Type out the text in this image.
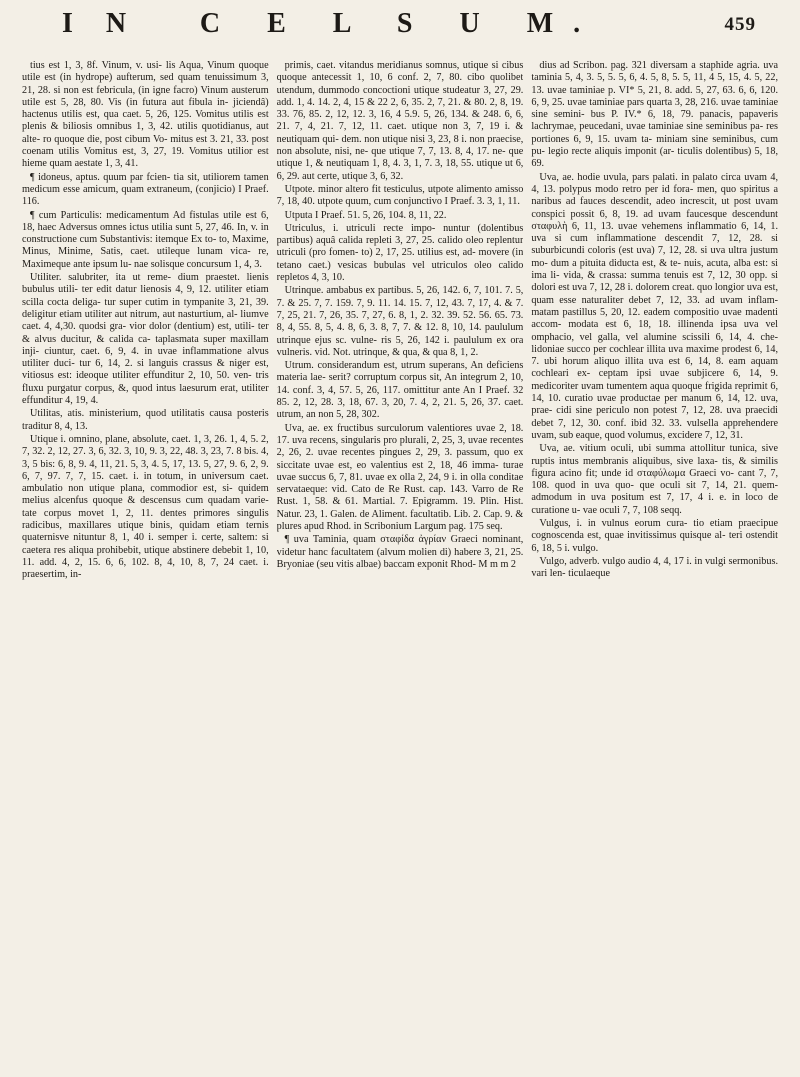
I N	C E L S U M.	459

tius est 1, 3, 8f. Vinum, v. usi- lis Aqua, Vinum quoque utile est (in hydrope) aufterum, sed quam tenuissimum 3, 21, 28. si non est febricula, (in igne facro) Vinum austerum utile est 5, 28, 80. Vis (in futura aut fibula in- jiciendâ) hactenus utilis est, qua caet. 5, 26, 125. Vomitus utilis est plenis & biliosis omnibus 1, 3, 42. utilis quotidianus, aut alte- ro quoque die, post cibum Vo- mitus est 3. 21, 33. post coenam utilis Vomitus est, 3, 27, 19. Vomitus utilior est hieme quam aestate 1, 3, 41.

¶ idoneus, aptus. quum par fcien- tia sit, utiliorem tamen medicum esse amicum, quam extraneum, (conjicio) I Praef. 116.

¶ cum Particulis: medicamentum Ad fistulas utile est 6, 18, haec Adversus omnes ictus utilia sunt 5, 27, 46. In, v. in constructione cum Substantivis: itemque Ex to- to, Maxime, Minus, Minime, Satis, caet. utileque lunam vica- re, Maximeque ante ipsum lu- nae solisque concursum 1, 4, 3.

Utiliter. salubriter, ita ut reme- dium praestet. lienis bubulus utili- ter edit datur lienosis 4, 9, 12. utiliter etiam scilla cocta deliga- tur super cutim in tympanite 3, 21, 39. deligitur etiam utiliter aut nitrum, aut nasturtium, al- liumve caet. 4, 4,30. quodsi gra- vior dolor (dentium) est, utili- ter & alvus ducitur, & calida ca- taplasmata super maxillam inji- ciuntur, caet. 6, 9, 4. in uvae inflammatione alvus utiliter duci- tur 6, 14, 2. si languis crassus & niger est, vitiosus est: ideoque utiliter effunditur 2, 10, 50. ven- tris fluxu purgatur corpus, &, quod intus laesurum erat, utiliter effunditur 4, 19, 4.

Utilitas, atis. ministerium, quod utilitatis causa posteris traditur 8, 4, 13.

Utique i. omnino, plane, absolute, caet. 1, 3, 26. 1, 4, 5. 2, 7, 32. 2, 12, 27. 3, 6, 32. 3, 10, 9. 3, 22, 48. 3, 23, 7. 8 bis. 4, 3, 5 bis: 6, 8, 9. 4, 11, 21. 5, 3, 4. 5, 17, 13. 5, 27, 9. 6, 2, 9. 6, 7, 97. 7, 7, 15. caet. i. in totum, in universum caet. ambulatio non utique plana, commodior est, si- quidem melius alcenfus quoque & descensus cum quadam varie- tate corpus movet 1, 2, 11. dentes primores singulis radicibus, maxillares utique binis, quidam etiam ternis quaternisve nituntur 8, 1, 40 i. semper i. certe, saltem: si caetera res aliqua prohibebit, utique abstinere debebit 1, 10, 11. add. 4, 2, 15. 6, 6, 102. 8, 4, 10, 8, 7, 24 caet. i. praesertim, in-

primis, caet. vitandus meridianus somnus, utique si cibus quoque antecessit 1, 10, 6 conf. 2, 7, 80. cibo quolibet utendum, dummodo concoctioni utique studeatur 3, 27, 29. add. 1, 4. 14. 2, 4, 15 & 22 2, 6, 35. 2, 7, 21. & 80. 2, 8, 19. 33. 76, 85. 2, 12, 12. 3, 16, 4 5.9. 5, 26, 134. & 248. 6, 6, 21. 7, 4, 21. 7, 12, 11. caet. utique non 3, 7, 19 i. & neutiquam qui- dem. non utique nisi 3, 23, 8 i. non praecise, non absolute, nisi, ne- que utique 7, 7, 13. 8, 4, 17. ne- que utique 1, & neutiquam 1, 8, 4. 3, 1, 7. 3, 18, 55. utique ut 6, 6, 29. aut certe, utique 3, 6, 32.

Utpote. minor altero fit testiculus, utpote alimento amisso 7, 18, 40. utpote quum, cum conjunctivo I Praef. 3. 3, 1, 11.

Utputa I Praef. 51. 5, 26, 104. 8, 11, 22.

Utriculus, i. utriculi recte impo- nuntur (dolentibus partibus) aquâ calida repleti 3, 27, 25. calido oleo replentur utriculi (pro fomen- to) 2, 17, 25. utilius est, ad- movere (in tetano caet.) vesicas bubulas vel utriculos oleo calido repletos 4, 3, 10.

Utrinque. ambabus ex partibus. 5, 26, 142. 6, 7, 101. 7. 5, 7. & 25. 7, 7. 159. 7, 9. 11. 14. 15. 7, 12, 43. 7, 17, 4. & 7. 7, 25, 21. 7, 26, 35. 7, 27, 6. 8, 1, 2. 32. 39. 52. 56. 65. 73. 8, 4, 55. 8, 5, 4. 8, 6, 3. 8, 7, 7. & 12. 8, 10, 14. paululum utrinque ejus sc. vulne- ris 5, 26, 142 i. paululum ex ora vulneris. vid. Not. utrinque, & qua, & qua 8, 1, 2.

Utrum. considerandum est, utrum superans, An deficiens materia lae- serit? corruptum corpus sit, An integrum 2, 10, 14. conf. 3, 4, 57. 5, 26, 117. omittitur ante An I Praef. 32 85. 2, 12, 28. 3, 18, 67. 3, 20, 7. 4, 2, 21. 5, 26, 37. caet. utrum, an non 5, 28, 302.

Uva, ae. ex fructibus surculorum valentiores uvae 2, 18. 17. uva recens, singularis pro plurali, 2, 25, 3, uvae recentes 2, 26, 2. uvae recentes pingues 2, 29, 3. passum, quo ex siccitate uvae est, eo valentius est 2, 18, 46 imma- turae uvae succus 6, 7, 81. uvae ex olla 2, 24, 9 i. in olla conditae servataeque: vid. Cato de Re Rust. cap. 143. Varro de Re Rust. 1, 58. & 61. Martial. 7. Epigramm. 19. Plin. Hist. Natur. 23, 1. Galen. de Aliment. facultatib. Lib. 2. Cap. 9. & plures apud Rhod. in Scribonium Largum pag. 175 seq.

¶ uva Taminia, quam σταφίδα ἀγρίαν Graeci nominant, videtur hanc facultatem (alvum molien di) habere 3, 21, 25. Bryoniae (seu vitis albae) baccam exponit Rhod- M m m 2

dius ad Scribon. pag. 321 diversam a staphide agria. uva taminia 5, 4, 3. 5, 5. 5, 6, 4. 5, 8, 5. 5, 11, 4 5, 15, 4. 5, 22, 13. uvae taminiae p. VI* 5, 21, 8. add. 5, 27, 63. 6, 6, 120. 6, 9, 25. uvae taminiae pars quarta 3, 28, 216. uvae taminiae sine semini- bus P. IV.* 6, 18, 79. panacis, papaveris lachrymae, peucedani, uvae taminiae sine seminibus pa- res portiones 6, 9, 15. uvam ta- miniam sine seminibus, cum pu- legio recte aliquis imponit (ar- ticulis dolentibus) 5, 18, 69.

Uva, ae. hodie uvula, pars palati. in palato circa uvam 4, 4, 13. polypus modo retro per id fora- men, quo spiritus a naribus ad fauces descendit, adeo increscit, ut post uvam conspici possit 6, 8, 19. ad uvam faucesque descendunt σταφυλὴ 6, 11, 13. uvae vehemens inflammatio 6, 14, 1. uva si cum inflammatione descendit 7, 12, 28. si suburbicundi coloris (est uva) 7, 12, 28. si uva ultra justum mo- dum a pituita diducta est, & te- nuis, acuta, alba est: si ima li- vida, & crassa: summa tenuis est 7, 12, 30 opp. si dolori est uva 7, 12, 28 i. dolorem creat. quo longior uva est, quam esse naturaliter debet 7, 12, 33. ad uvam inflam- matam pastillus 5, 20, 12. eadem compositio uvae madenti accom- modata est 6, 18, 18. illinenda ipsa uva vel omphacio, vel galla, vel alumine scissili 6, 14, 4. che- lidoniae succo per cochlear illita uva maxime prodest 6, 14, 7. ubi horum aliquo illita uva est 6, 14, 8. eam aquam cochleari ex- ceptam ipsi uvae subjicere 6, 14, 9. medicoriter uvam tumentem aqua quoque frigida reprimit 6, 14, 10. curatio uvae productae per manum 6, 14, 12. uva, prae- cidi sine periculo non potest 7, 12, 28. uva praecidi debet 7, 12, 30. conf. ibid 32. 33. vulsella apprehendere uvam, sub eaque, quod volumus, excidere 7, 12, 31.

Uva, ae. vitium oculi, ubi summa attollitur tunica, sive ruptis intus membranis aliquibus, sive laxa- tis, & similis figura acino fit; unde id σταφύλωμα Graeci vo- cant 7, 7, 108. quod in uva quo- que oculi sit 7, 14, 21. quem- admodum in uva positum est 7, 17, 4 i. e. in loco de curatione u- vae oculi 7, 7, 108 seqq.

Vulgus, i. in vulnus eorum cura- tio etiam praecipue cognoscenda est, quae invitissimus quisque al- teri ostendit 6, 18, 5 i. vulgo.

Vulgo, adverb. vulgo audio 4, 4, 17 i. in vulgi sermonibus. vari len- ticulaeque
